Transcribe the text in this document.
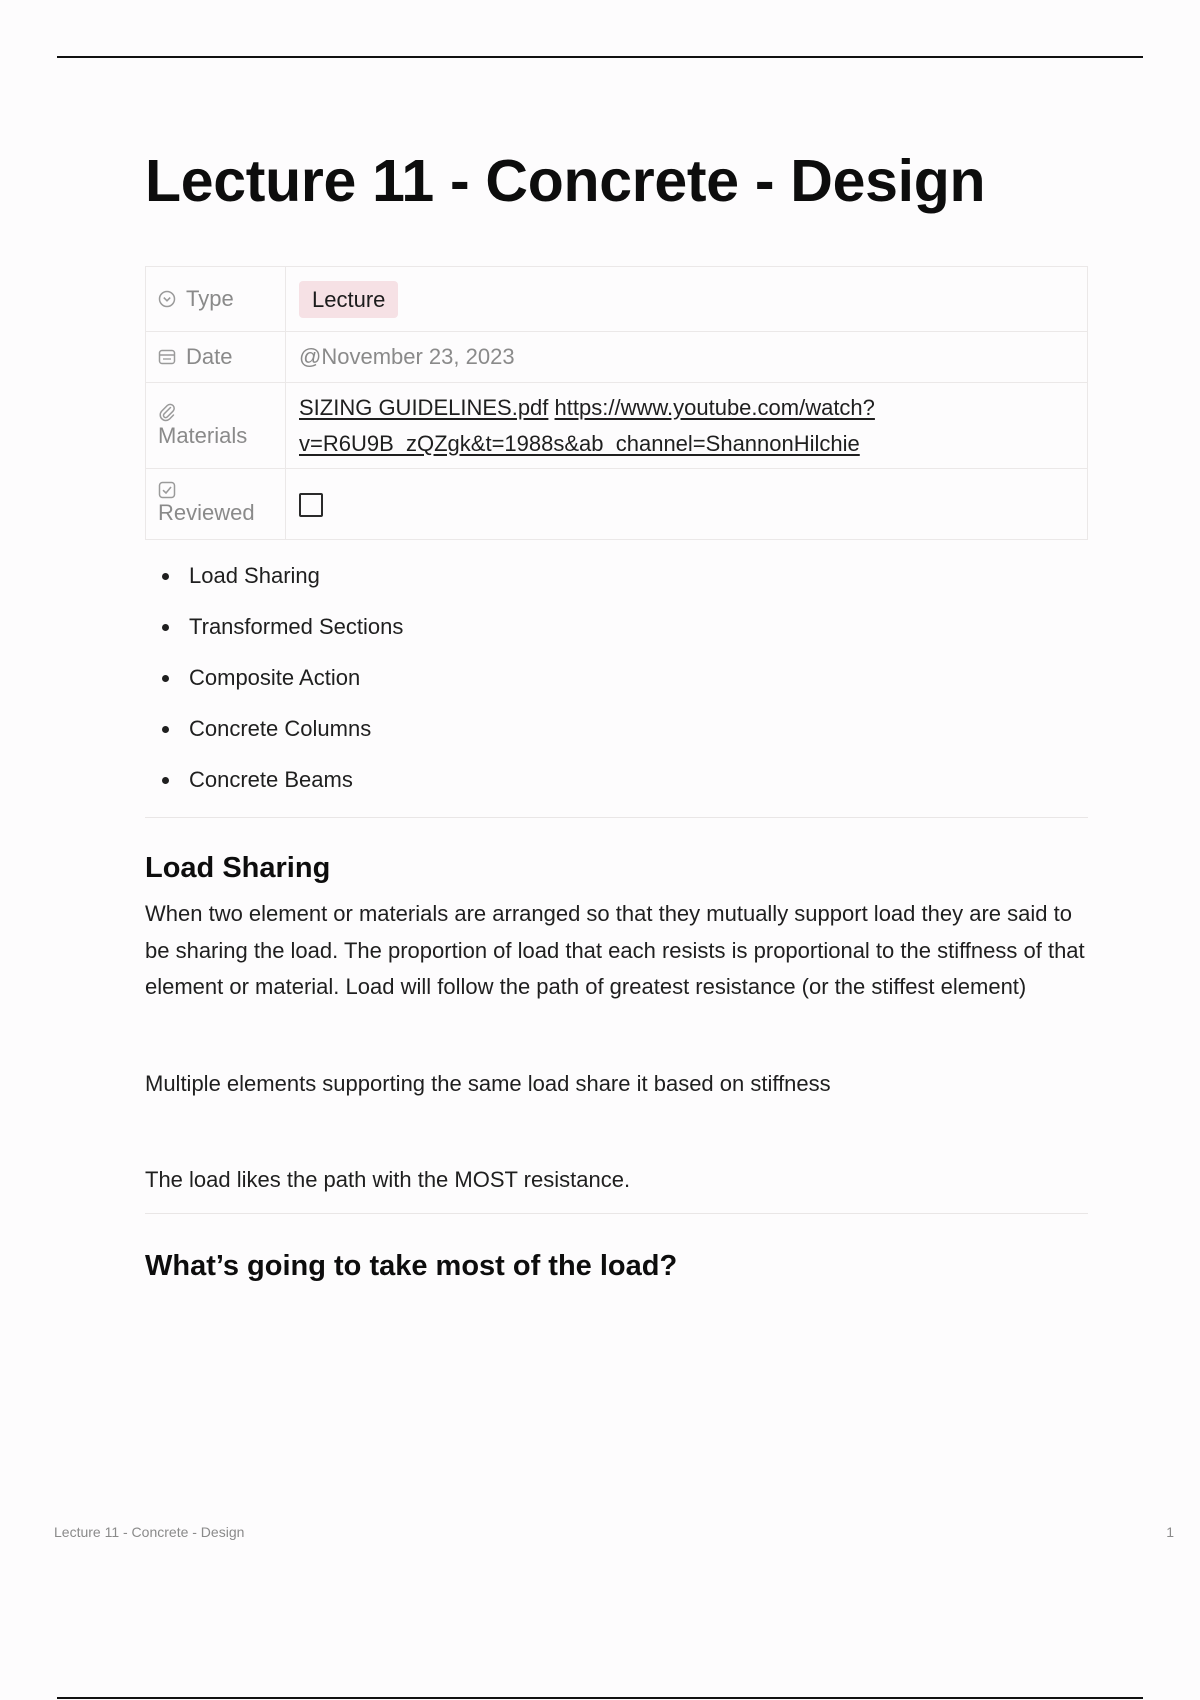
Lecture 11 - Concrete - Design
Type	Lecture

Date	@November 23, 2023

Materials	SIZING GUIDELINES.pdf https://www.youtube.com/watch?
v=R6U9B_zQZgk&t=1988s&ab_channel=ShannonHilchie

Reviewed	

Load Sharing
Transformed Sections
Composite Action
Concrete Columns
Concrete Beams
Load Sharing

When two element or materials are arranged so that they mutually support load they are said to be sharing the load. The proportion of load that each resists is proportional to the stiffness of that element or material. Load will follow the path of greatest resistance (or the stiffest element)

Multiple elements supporting the same load share it based on stiffness

The load likes the path with the MOST resistance.

What’s going to take most of the load?
Lecture 11 - Concrete - Design	1
